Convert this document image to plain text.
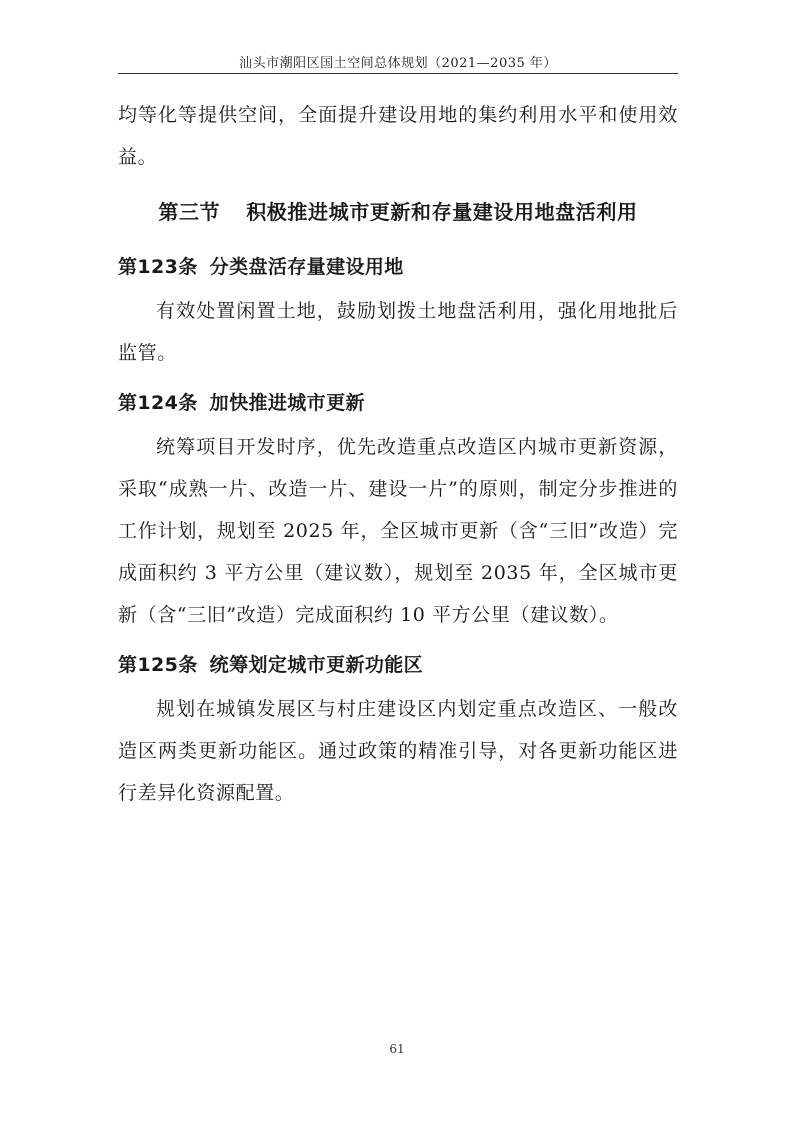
汕头市潮阳区国土空间总体规划（2021—2035 年）

均等化等提供空间，全面提升建设用地的集约利用水平和使用效益。

第三节 积极推进城市更新和存量建设用地盘活利用
第123条 分类盘活存量建设用地

有效处置闲置土地，鼓励划拨土地盘活利用，强化用地批后监管。

第124条 加快推进城市更新

统筹项目开发时序，优先改造重点改造区内城市更新资源，采取“成熟一片、改造一片、建设一片”的原则，制定分步推进的工作计划，规划至 2025 年，全区城市更新（含“三旧”改造）完成面积约 3 平方公里（建议数），规划至 2035 年，全区城市更新（含“三旧”改造）完成面积约 10 平方公里（建议数）。

第125条 统筹划定城市更新功能区

规划在城镇发展区与村庄建设区内划定重点改造区、一般改造区两类更新功能区。通过政策的精准引导，对各更新功能区进行差异化资源配置。

61
